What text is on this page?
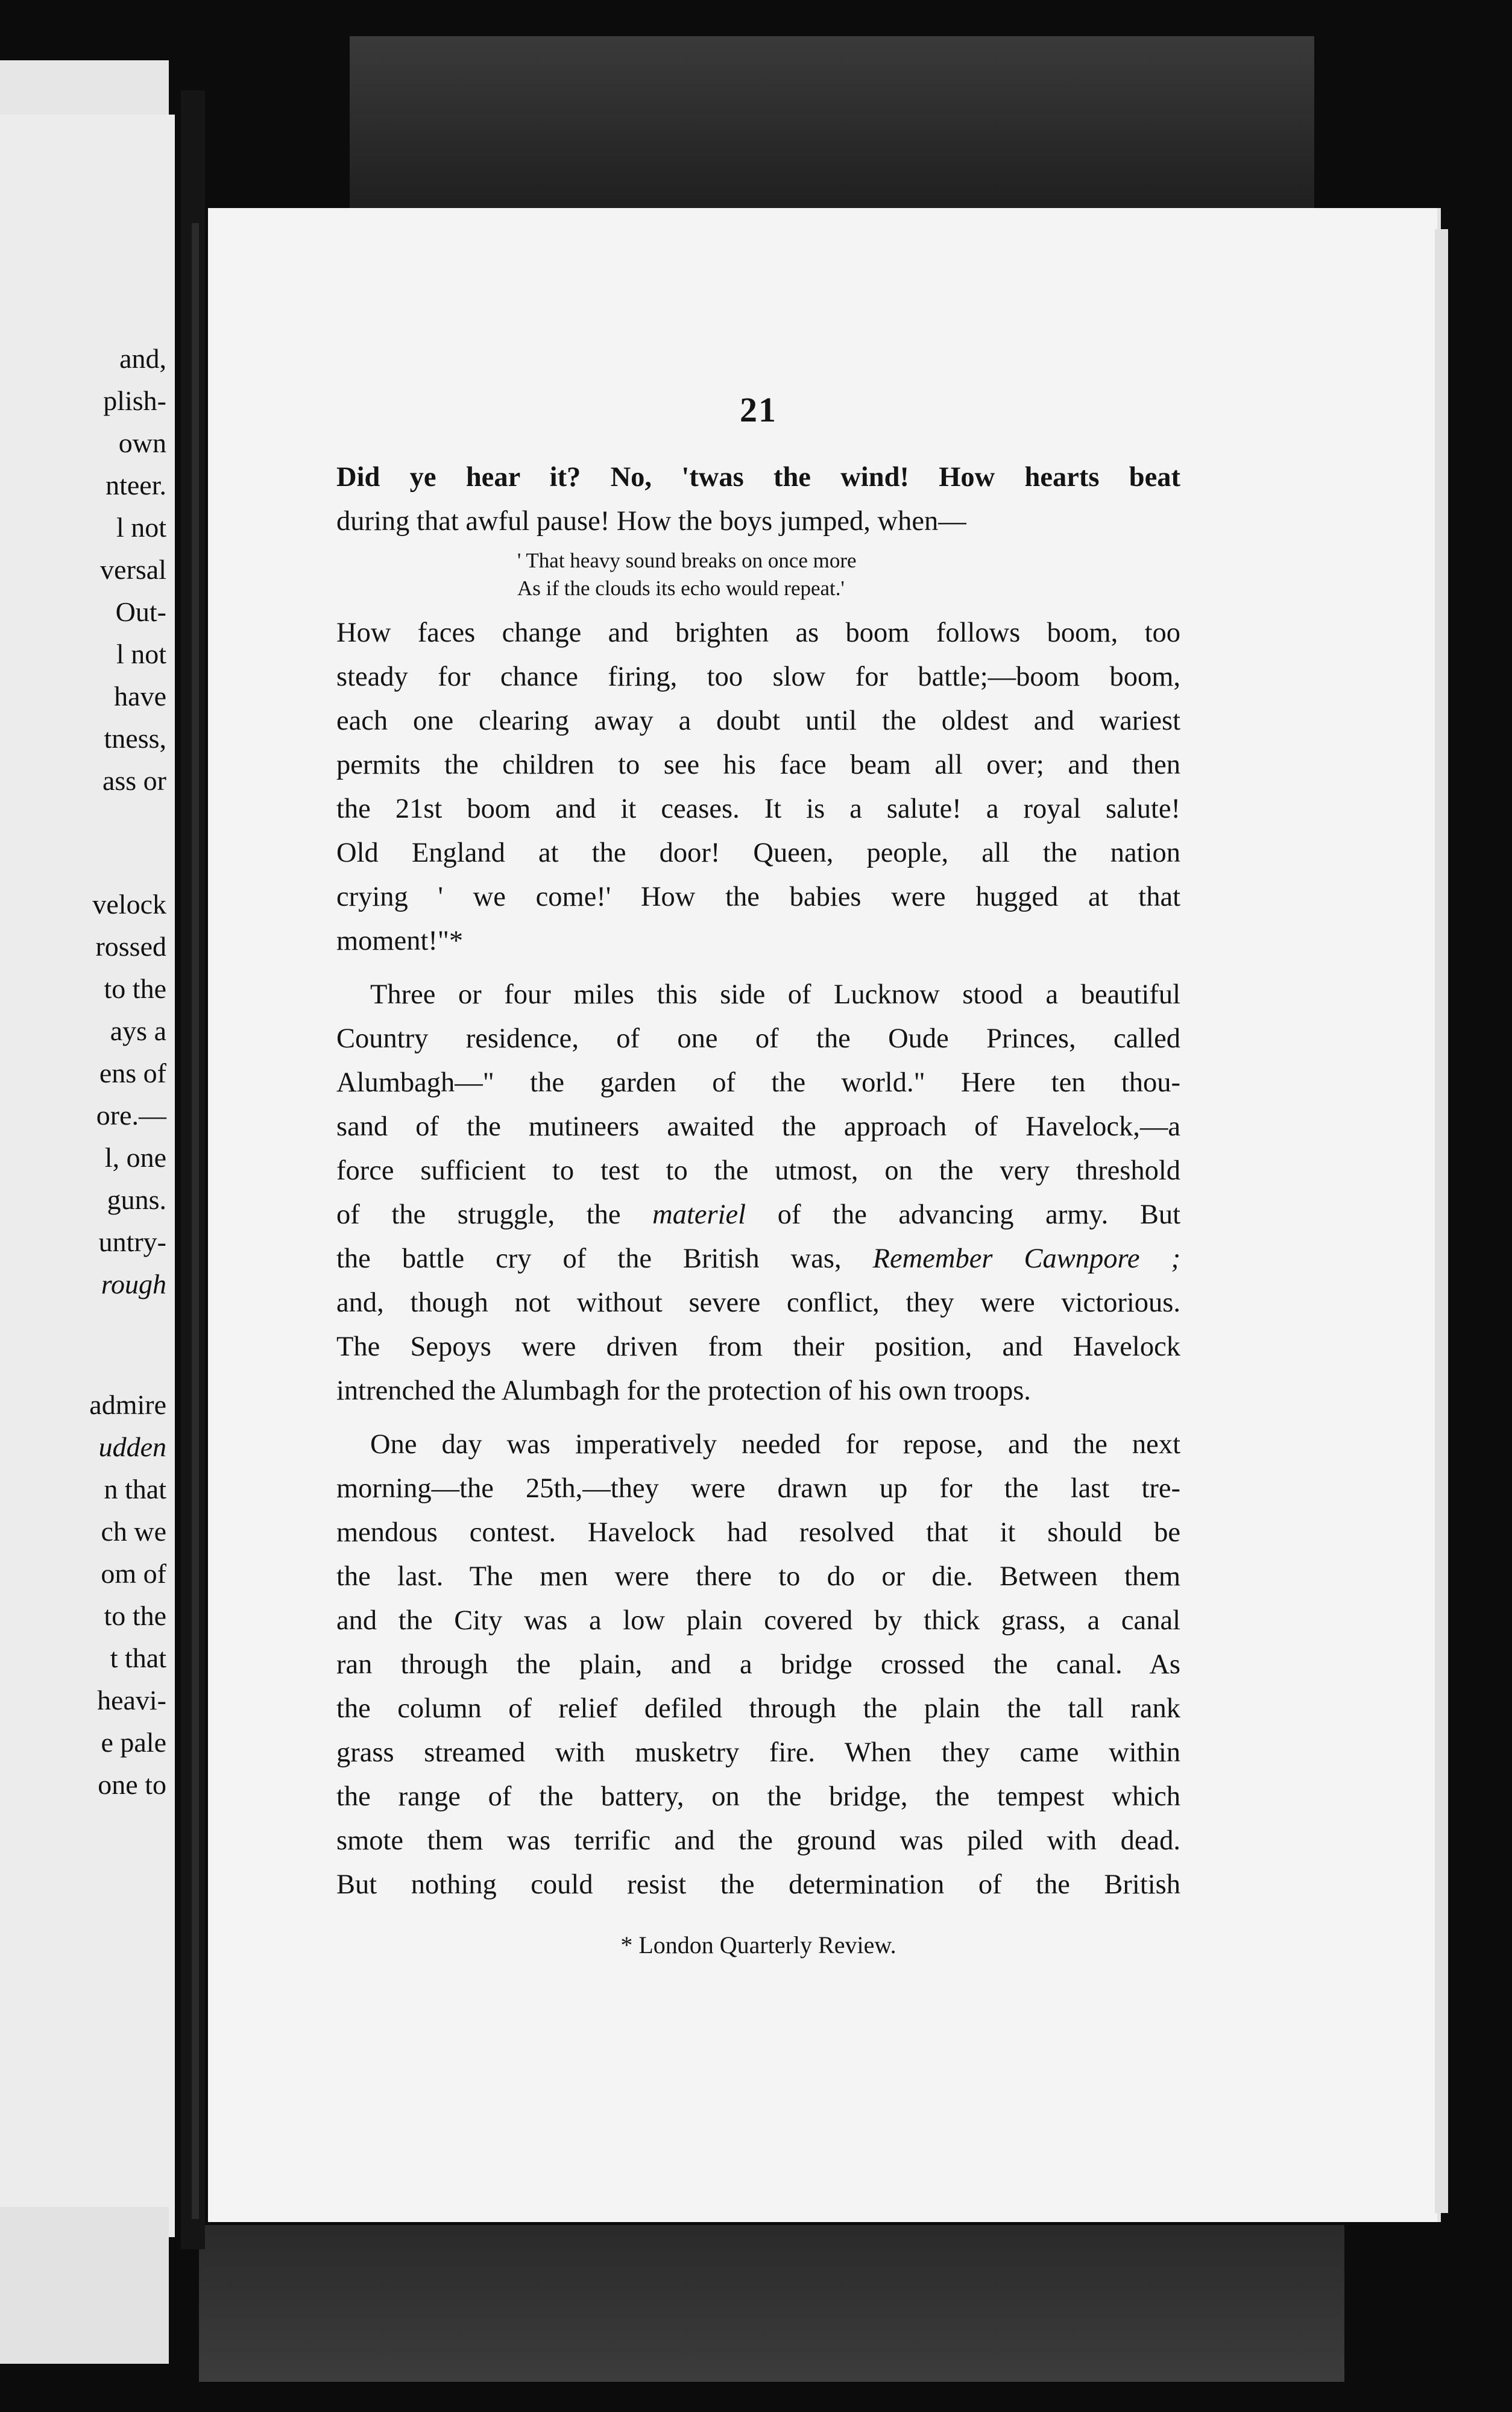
and,
plish-
own
nteer.
l not
versal
Out-
l not
have
tness,
ass or
velock
rossed
to the
ays a
ens of
ore.—
l, one
guns.
untry-
rough
admire
udden
n that
ch we
om of
to the
t that
heavi-
e pale
one to
21

Did ye hear it? No, 'twas the wind! How hearts beat
during that awful pause! How the boys jumped, when—

' That heavy sound breaks on once more
As if the clouds its echo would repeat.'

How faces change and brighten as boom follows boom, too
steady for chance firing, too slow for battle;—boom boom,
each one clearing away a doubt until the oldest and wariest
permits the children to see his face beam all over; and then
the 21st boom and it ceases. It is a salute! a royal salute!
Old England at the door! Queen, people, all the nation
crying ' we come!' How the babies were hugged at that
moment!"*

Three or four miles this side of Lucknow stood a beautiful
Country residence, of one of the Oude Princes, called
Alumbagh—" the garden of the world." Here ten thou-
sand of the mutineers awaited the approach of Havelock,—a
force sufficient to test to the utmost, on the very threshold
of the struggle, the materiel of the advancing army. But
the battle cry of the British was, Remember Cawnpore ;
and, though not without severe conflict, they were victorious.
The Sepoys were driven from their position, and Havelock
intrenched the Alumbagh for the protection of his own troops.

One day was imperatively needed for repose, and the next
morning—the 25th,—they were drawn up for the last tre-
mendous contest. Havelock had resolved that it should be
the last. The men were there to do or die. Between them
and the City was a low plain covered by thick grass, a canal
ran through the plain, and a bridge crossed the canal. As
the column of relief defiled through the plain the tall rank
grass streamed with musketry fire. When they came within
the range of the battery, on the bridge, the tempest which
smote them was terrific and the ground was piled with dead.
But nothing could resist the determination of the British

* London Quarterly Review.
